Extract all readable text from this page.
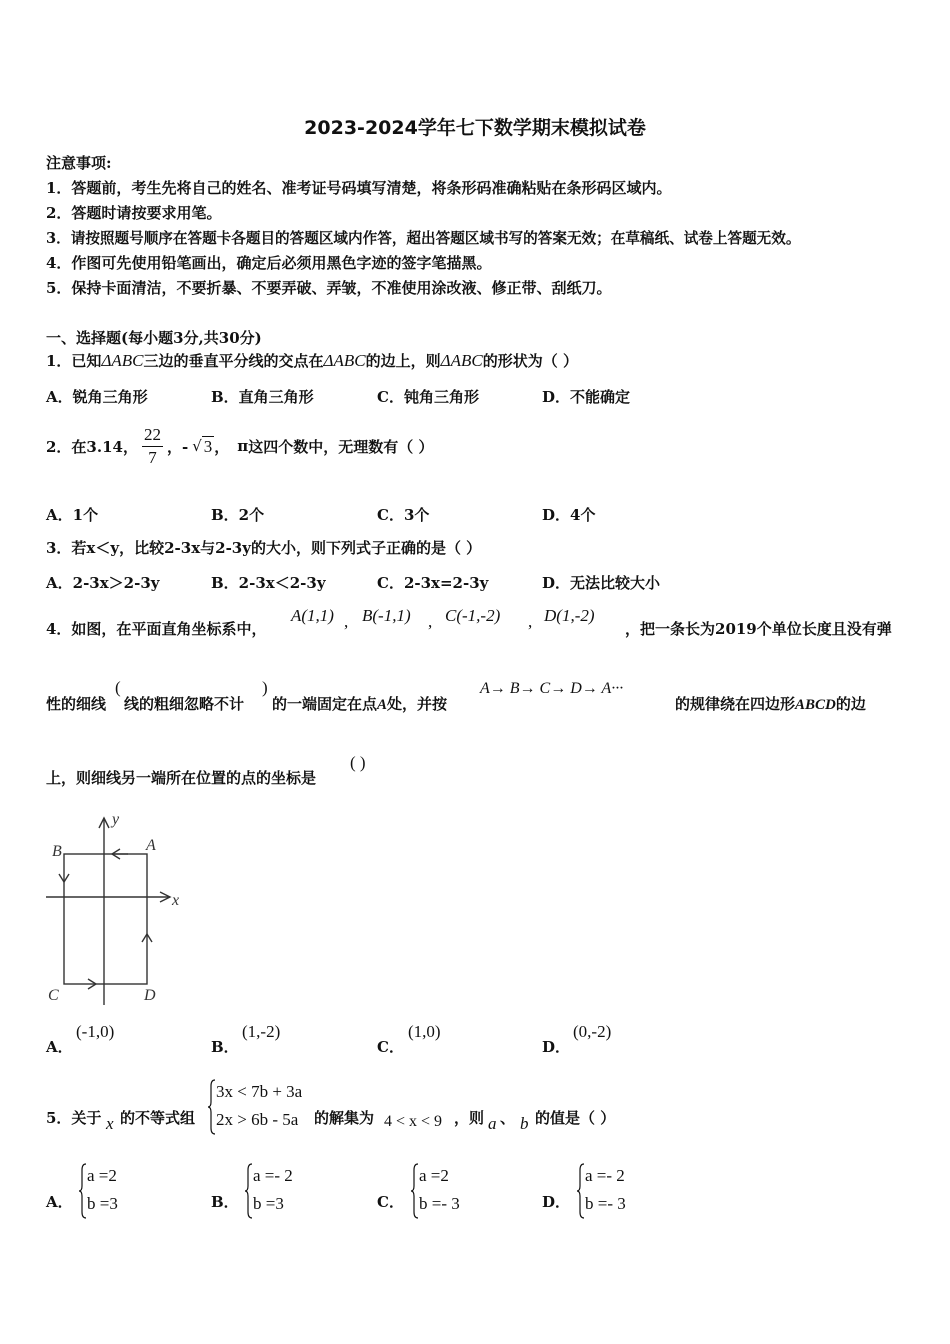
2023-2024学年七下数学期末模拟试卷
注意事项:
1．答题前，考生先将自己的姓名、准考证号码填写清楚，将条形码准确粘贴在条形码区域内。
2．答题时请按要求用笔。
3．请按照题号顺序在答题卡各题目的答题区域内作答，超出答题区域书写的答案无效；在草稿纸、试卷上答题无效。
4．作图可先使用铅笔画出，确定后必须用黑色字迹的签字笔描黑。
5．保持卡面清洁，不要折暴、不要弄破、弄皱，不准使用涂改液、修正带、刮纸刀。
一、选择题(每小题3分,共30分)
1．已知ΔABC三边的垂直平分线的交点在ΔABC的边上，则ΔABC的形状为（ ）
A．锐角三角形	B．直角三角形	C．钝角三角形	D．不能确定
2．在3.14， $\frac{22}{7}$ ，- √ 3 ， π 这四个数中，无理数有（ ）
A．1个	B．2个	C．3个	D．4个
3．若x＜y，比较2-3x与2-3y的大小，则下列式子正确的是（ ）
A．2-3x＞2-3y	B．2-3x＜2-3y	C．2-3x=2-3y	D．无法比较大小
4．如图，在平面直角坐标系中，
A(1,1) , B(-1,1) , C(-1,-2) , D(1,-2)
，把一条长为2019个单位长度且没有弹
性的细线
(
线的粗细忽略不计
)
的一端固定在点A处，并按
A→ B→ C→ D→ A···
的规律绕在四边形ABCD的边
上，则细线另一端所在位置的点的坐标是
( )
y
x
A
B
C	D
A．
(-1,0)
B．
(1,-2)
C．
(1,0)
D．
(0,-2)
5．关于 x 的不等式组
3x < 7b + 3a
2x > 6b - 5a 的解集为 4 < x < 9 ，则 a 、 b 的值是（ ）
A．
a =2
b =3	B．
a =- 2
b =3	C．
a =2
b =- 3	D．
a =- 2
b =- 3
